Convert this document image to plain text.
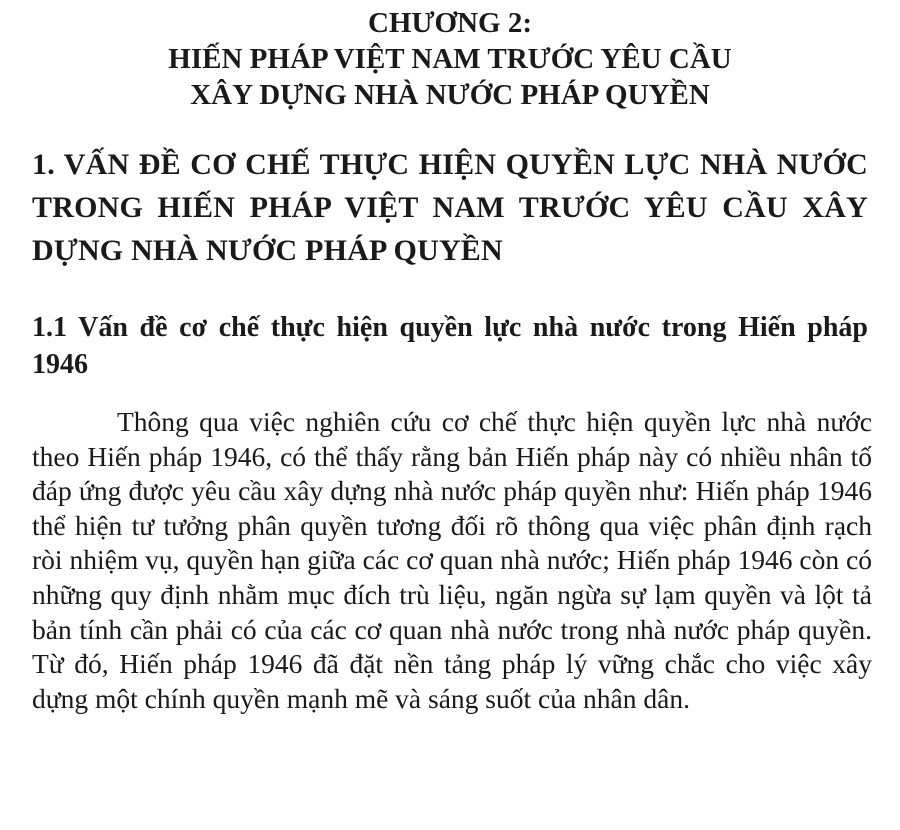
CHƯƠNG 2:
HIẾN PHÁP VIỆT NAM TRƯỚC YÊU CẦU
XÂY DỰNG NHÀ NƯỚC PHÁP QUYỀN
1. VẤN ĐỀ CƠ CHẾ THỰC HIỆN QUYỀN LỰC NHÀ NƯỚC TRONG HIẾN PHÁP VIỆT NAM TRƯỚC YÊU CẦU XÂY DỰNG NHÀ NƯỚC PHÁP QUYỀN
1.1 Vấn đề cơ chế thực hiện quyền lực nhà nước trong Hiến pháp 1946

Thông qua việc nghiên cứu cơ chế thực hiện quyền lực nhà nước theo Hiến pháp 1946, có thể thấy rằng bản Hiến pháp này có nhiều nhân tố đáp ứng được yêu cầu xây dựng nhà nước pháp quyền như: Hiến pháp 1946 thể hiện tư tưởng phân quyền tương đối rõ thông qua việc phân định rạch ròi nhiệm vụ, quyền hạn giữa các cơ quan nhà nước; Hiến pháp 1946 còn có những quy định nhằm mục đích trù liệu, ngăn ngừa sự lạm quyền và lột tả bản tính cần phải có của các cơ quan nhà nước trong nhà nước pháp quyền. Từ đó, Hiến pháp 1946 đã đặt nền tảng pháp lý vững chắc cho việc xây dựng một chính quyền mạnh mẽ và sáng suốt của nhân dân.
